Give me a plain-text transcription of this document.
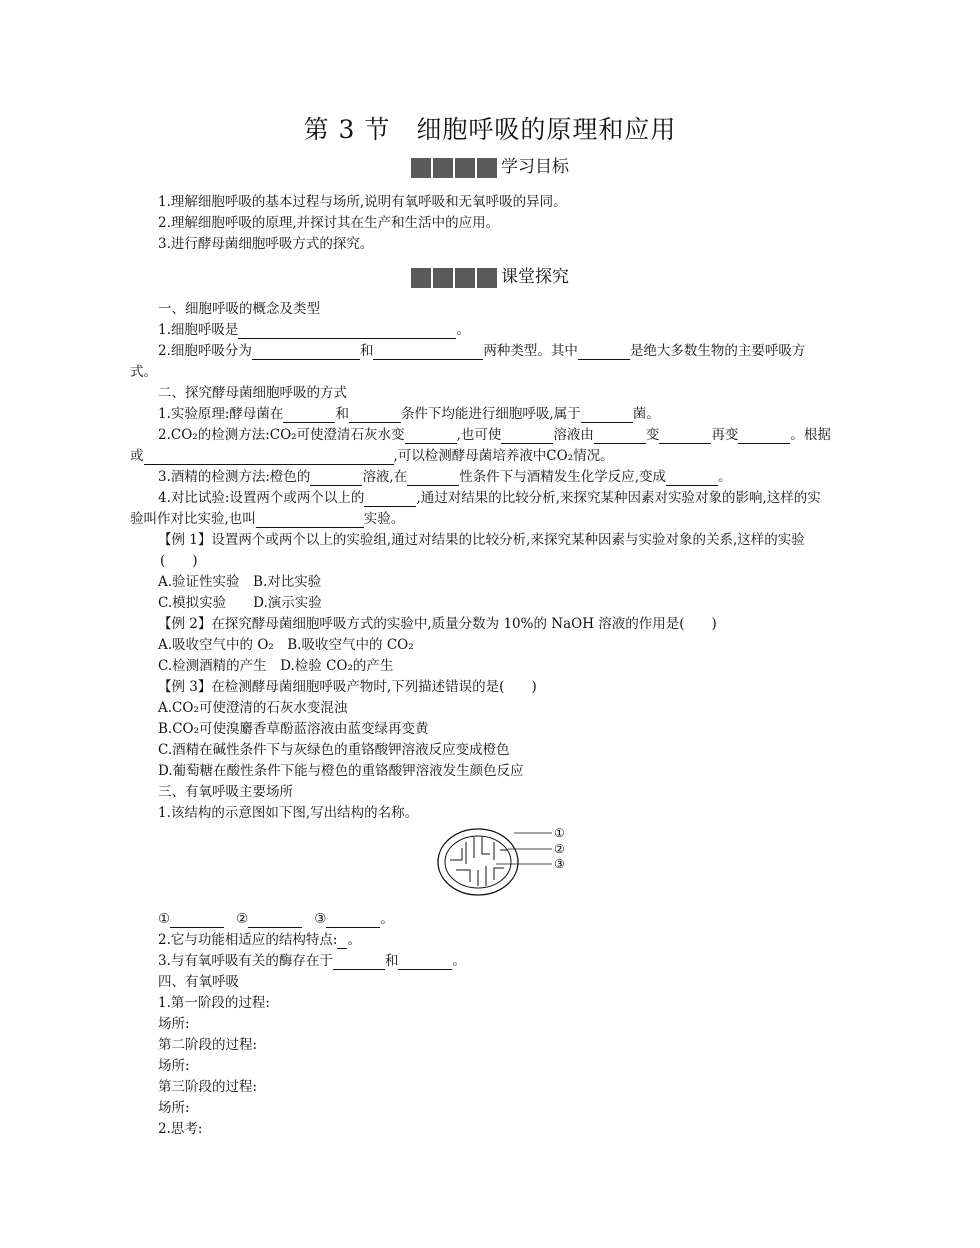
第 3 节　细胞呼吸的原理和应用
学习目标
1.理解细胞呼吸的基本过程与场所,说明有氧呼吸和无氧呼吸的异同。
2.理解细胞呼吸的原理,并探讨其在生产和生活中的应用。
3.进行酵母菌细胞呼吸方式的探究。
课堂探究
一、细胞呼吸的概念及类型
1.细胞呼吸是	。
2.细胞呼吸分为	和	两种类型。其中	是绝大多数生物的主要呼吸方
式。
二、探究酵母菌细胞呼吸的方式
1.实验原理:酵母菌在	和	条件下均能进行细胞呼吸,属于	菌。
2.CO₂的检测方法:CO₂可使澄清石灰水变	,也可使	溶液由	变	再变	。根据
或	,可以检测酵母菌培养液中CO₂情况。
3.酒精的检测方法:橙色的	溶液,在	性条件下与酒精发生化学反应,变成	。
4.对比试验:设置两个或两个以上的	,通过对结果的比较分析,来探究某种因素对实验对象的影响,这样的实
验叫作对比实验,也叫	实验。
【例 1】设置两个或两个以上的实验组,通过对结果的比较分析,来探究某种因素与实验对象的关系,这样的实验
(　　)
A.验证性实验　B.对比实验
C.模拟实验　　D.演示实验
【例 2】在探究酵母菌细胞呼吸方式的实验中,质量分数为 10%的 NaOH 溶液的作用是(　　)
A.吸收空气中的 O₂　B.吸收空气中的 CO₂
C.检测酒精的产生　D.检验 CO₂的产生
【例 3】在检测酵母菌细胞呼吸产物时,下列描述错误的是(　　)
A.CO₂可使澄清的石灰水变混浊
B.CO₂可使溴麝香草酚蓝溶液由蓝变绿再变黄
C.酒精在碱性条件下与灰绿色的重铬酸钾溶液反应变成橙色
D.葡萄糖在酸性条件下能与橙色的重铬酸钾溶液发生颜色反应
三、有氧呼吸主要场所
1.该结构的示意图如下图,写出结构的名称。
①
②
③
①	②	③	。
2.它与功能相适应的结构特点: 。
3.与有氧呼吸有关的酶存在于	和	。
四、有氧呼吸
1.第一阶段的过程:
场所:
第二阶段的过程:
场所:
第三阶段的过程:
场所:
2.思考:
